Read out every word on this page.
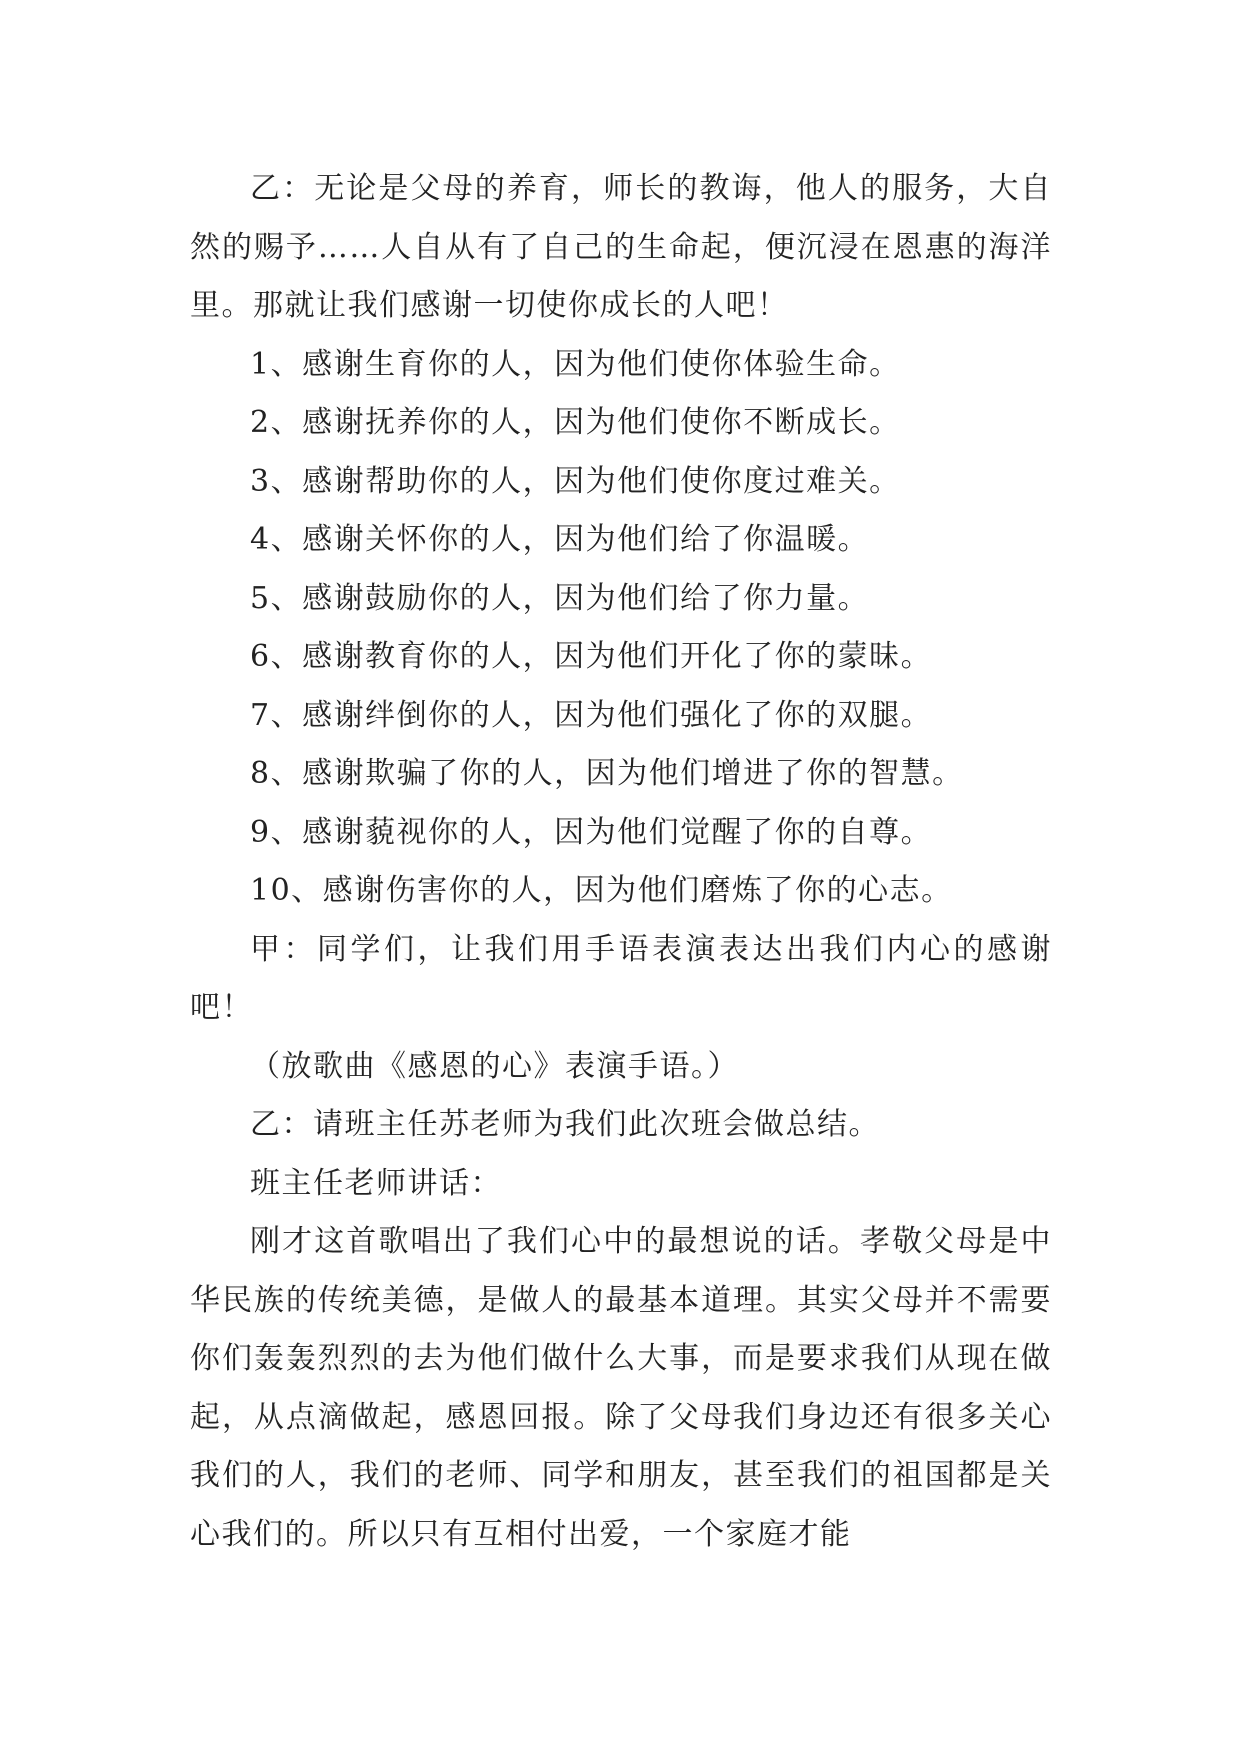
乙：无论是父母的养育，师长的教诲，他人的服务，大自然的赐予……人自从有了自己的生命起，便沉浸在恩惠的海洋里。那就让我们感谢一切使你成长的人吧！

1、感谢生育你的人，因为他们使你体验生命。

2、感谢抚养你的人，因为他们使你不断成长。

3、感谢帮助你的人，因为他们使你度过难关。

4、感谢关怀你的人，因为他们给了你温暖。

5、感谢鼓励你的人，因为他们给了你力量。

6、感谢教育你的人，因为他们开化了你的蒙昧。

7、感谢绊倒你的人，因为他们强化了你的双腿。

8、感谢欺骗了你的人，因为他们增进了你的智慧。

9、感谢藐视你的人，因为他们觉醒了你的自尊。

10、感谢伤害你的人，因为他们磨炼了你的心志。

甲：同学们，让我们用手语表演表达出我们内心的感谢吧！

（放歌曲《感恩的心》表演手语。）

乙：请班主任苏老师为我们此次班会做总结。

班主任老师讲话：

刚才这首歌唱出了我们心中的最想说的话。孝敬父母是中华民族的传统美德，是做人的最基本道理。其实父母并不需要你们轰轰烈烈的去为他们做什么大事，而是要求我们从现在做起，从点滴做起，感恩回报。除了父母我们身边还有很多关心我们的人，我们的老师、同学和朋友，甚至我们的祖国都是关心我们的。所以只有互相付出爱，一个家庭才能
